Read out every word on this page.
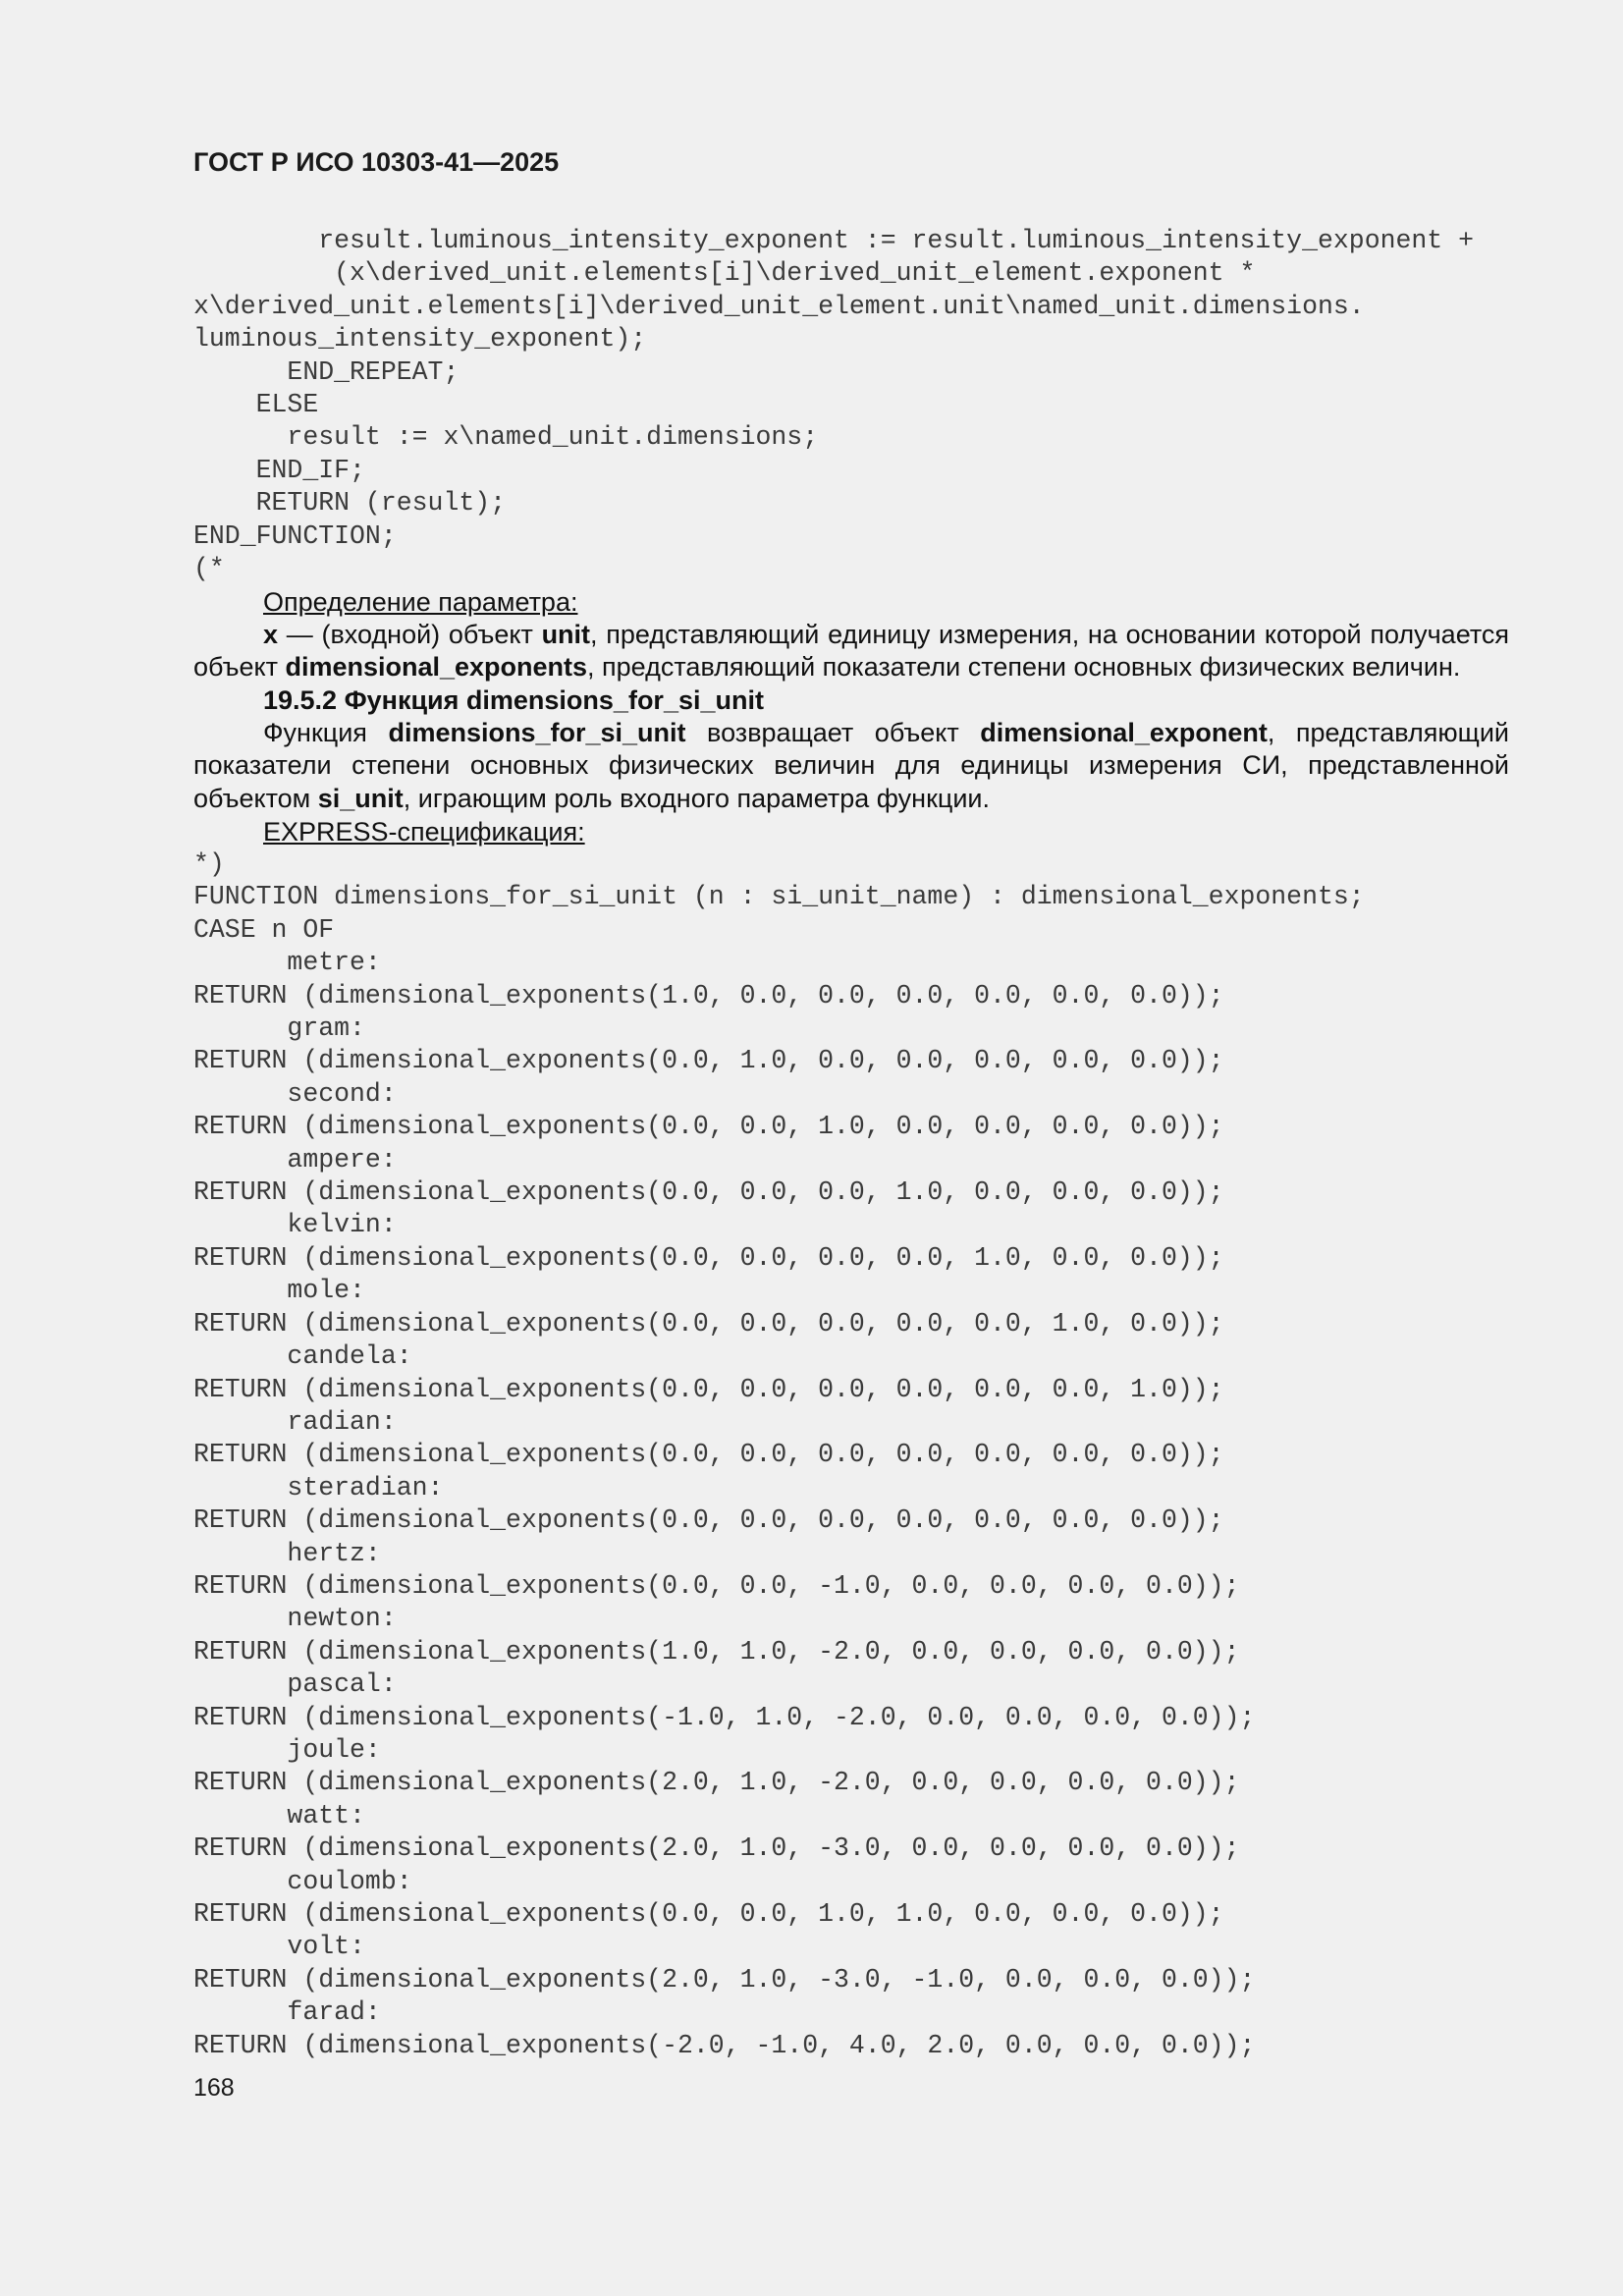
ГОСТ Р ИСО 10303-41—2025
result.luminous_intensity_exponent := result.luminous_intensity_exponent +
(x\derived_unit.elements[i]\derived_unit_element.exponent *
x\derived_unit.elements[i]\derived_unit_element.unit\named_unit.dimensions.
luminous_intensity_exponent);
END_REPEAT;
ELSE
result := x\named_unit.dimensions;
END_IF;
RETURN (result);
END_FUNCTION;
(*
Определение параметра:
x — (входной) объект unit, представляющий единицу измерения, на основании которой получается объект dimensional_exponents, представляющий показатели степени основных физических величин.
19.5.2 Функция dimensions_for_si_unit
Функция dimensions_for_si_unit возвращает объект dimensional_exponent, представляющий показатели степени основных физических величин для единицы измерения СИ, представленной объектом si_unit, играющим роль входного параметра функции.
EXPRESS-спецификация:
*)
FUNCTION dimensions_for_si_unit (n : si_unit_name) : dimensional_exponents;
CASE n OF
metre:
RETURN (dimensional_exponents(1.0, 0.0, 0.0, 0.0, 0.0, 0.0, 0.0));
gram:
RETURN (dimensional_exponents(0.0, 1.0, 0.0, 0.0, 0.0, 0.0, 0.0));
second:
RETURN (dimensional_exponents(0.0, 0.0, 1.0, 0.0, 0.0, 0.0, 0.0));
ampere:
RETURN (dimensional_exponents(0.0, 0.0, 0.0, 1.0, 0.0, 0.0, 0.0));
kelvin:
RETURN (dimensional_exponents(0.0, 0.0, 0.0, 0.0, 1.0, 0.0, 0.0));
mole:
RETURN (dimensional_exponents(0.0, 0.0, 0.0, 0.0, 0.0, 1.0, 0.0));
candela:
RETURN (dimensional_exponents(0.0, 0.0, 0.0, 0.0, 0.0, 0.0, 1.0));
radian:
RETURN (dimensional_exponents(0.0, 0.0, 0.0, 0.0, 0.0, 0.0, 0.0));
steradian:
RETURN (dimensional_exponents(0.0, 0.0, 0.0, 0.0, 0.0, 0.0, 0.0));
hertz:
RETURN (dimensional_exponents(0.0, 0.0, -1.0, 0.0, 0.0, 0.0, 0.0));
newton:
RETURN (dimensional_exponents(1.0, 1.0, -2.0, 0.0, 0.0, 0.0, 0.0));
pascal:
RETURN (dimensional_exponents(-1.0, 1.0, -2.0, 0.0, 0.0, 0.0, 0.0));
joule:
RETURN (dimensional_exponents(2.0, 1.0, -2.0, 0.0, 0.0, 0.0, 0.0));
watt:
RETURN (dimensional_exponents(2.0, 1.0, -3.0, 0.0, 0.0, 0.0, 0.0));
coulomb:
RETURN (dimensional_exponents(0.0, 0.0, 1.0, 1.0, 0.0, 0.0, 0.0));
volt:
RETURN (dimensional_exponents(2.0, 1.0, -3.0, -1.0, 0.0, 0.0, 0.0));
farad:
RETURN (dimensional_exponents(-2.0, -1.0, 4.0, 2.0, 0.0, 0.0, 0.0));
168
